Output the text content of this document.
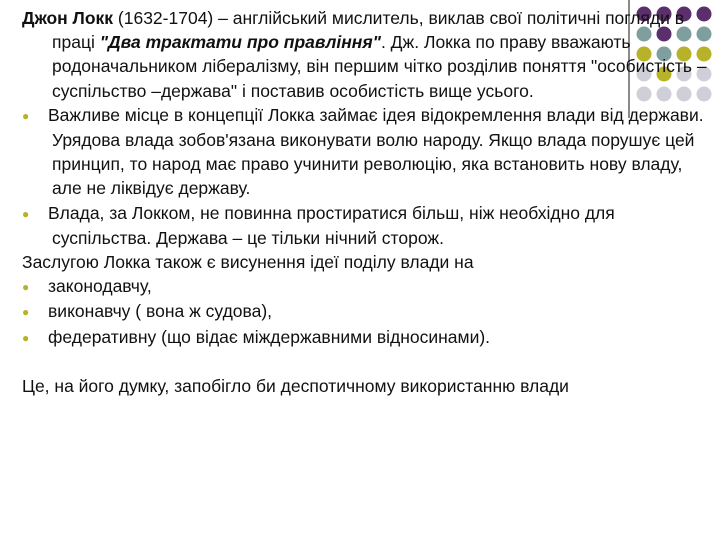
Джон Локк (1632-1704) – англійський мислитель, виклав свої політичні погляди в праці "Два трактати про правління". Дж. Локка по праву вважають родоначальником лібералізму, він першим чітко розділив поняття "особистість – суспільство –держава" і поставив особистість вище усього.

● Важливе місце в концепції Локка займає ідея відокремлення влади від держави. Урядова влада зобов'язана виконувати волю народу. Якщо влада порушує цей принцип, то народ має право учинити революцію, яка встановить нову владу, але не ліквідує державу.

● Влада, за Локком, не повинна простиратися більш, ніж необхідно для суспільства. Держава – це тільки нічний сторож.

Заслугою Локка також є висунення ідеї поділу влади на

● законодавчу,

● виконавчу ( вона ж судова),

● федеративну (що відає міждержавними відносинами).

Це, на його думку, запобігло би деспотичному використанню влади
